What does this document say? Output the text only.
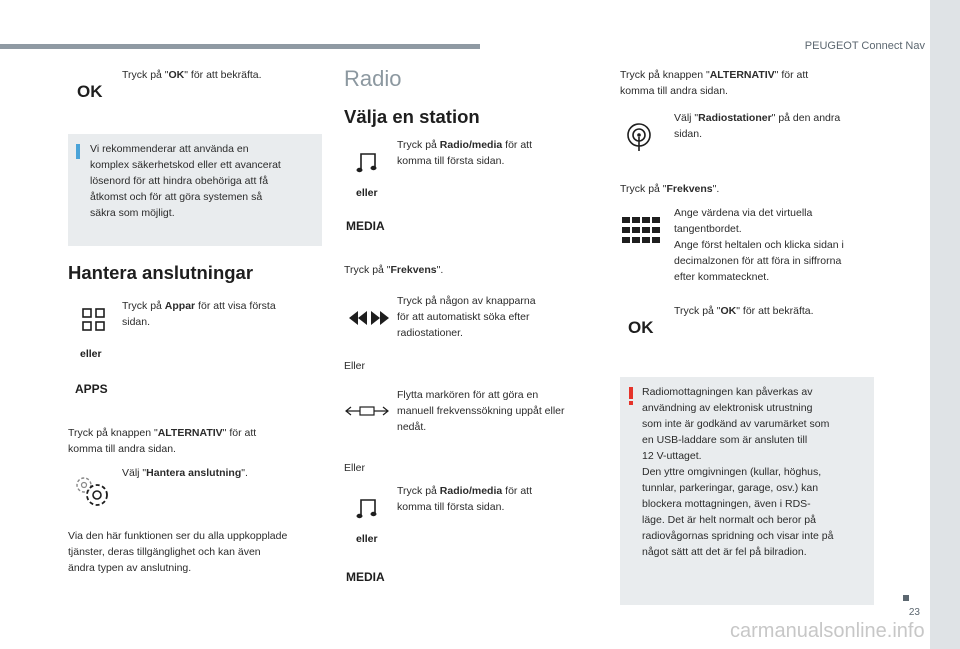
PEUGEOT Connect Nav
23
carmanualsonline.info
OK
Tryck på "OK" för att bekräfta.
Vi rekommenderar att använda en
komplex säkerhetskod eller ett avancerat
lösenord för att hindra obehöriga att få
åtkomst och för att göra systemen så
säkra som möjligt.
Hantera anslutningar
eller
APPS
Tryck på Appar för att visa första
sidan.
Tryck på knappen "ALTERNATIV" för att
komma till andra sidan.
Välj "Hantera anslutning".
Via den här funktionen ser du alla uppkopplade
tjänster, deras tillgänglighet och kan även
ändra typen av anslutning.
Radio
Välja en station
eller
MEDIA
Tryck på Radio/media för att
komma till första sidan.
Tryck på "Frekvens".
Tryck på någon av knapparna
för att automatiskt söka efter
radiostationer.
Eller
Flytta markören för att göra en
manuell frekvenssökning uppåt eller
nedåt.
Eller
eller
MEDIA
Tryck på Radio/media för att
komma till första sidan.
Tryck på knappen "ALTERNATIV" för att
komma till andra sidan.
Välj "Radiostationer" på den andra
sidan.
Tryck på "Frekvens".
Ange värdena via det virtuella
tangentbordet.
Ange först heltalen och klicka sidan i
decimalzonen för att föra in siffrorna
efter kommatecknet.
OK
Tryck på "OK" för att bekräfta.
Radiomottagningen kan påverkas av
användning av elektronisk utrustning
som inte är godkänd av varumärket som
en USB-laddare som är ansluten till
12 V-uttaget.
Den yttre omgivningen (kullar, höghus,
tunnlar, parkeringar, garage, osv.) kan
blockera mottagningen, även i RDS-
läge. Det är helt normalt och beror på
radiovågornas spridning och visar inte på
något sätt att det är fel på bilradion.
